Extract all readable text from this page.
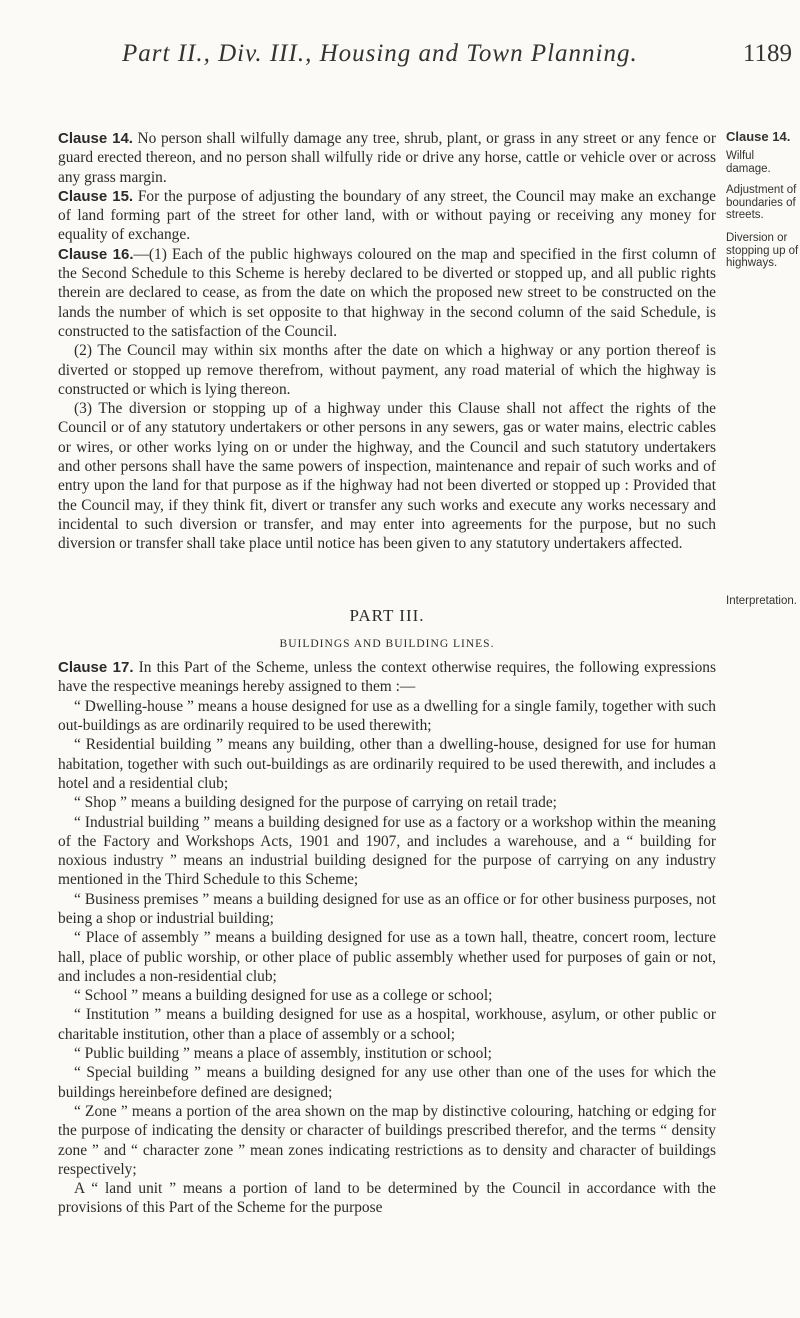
Part II., Div. III., Housing and Town Planning.	1189
Clause 14.
Wilful damage.
Adjustment of boundaries of streets.
Diversion or stopping up of highways.
Interpretation.

Clause 14. No person shall wilfully damage any tree, shrub, plant, or grass in any street or any fence or guard erected thereon, and no person shall wilfully ride or drive any horse, cattle or vehicle over or across any grass margin.

Clause 15. For the purpose of adjusting the boundary of any street, the Council may make an exchange of land forming part of the street for other land, with or without paying or receiving any money for equality of exchange.

Clause 16.—(1) Each of the public highways coloured on the map and specified in the first column of the Second Schedule to this Scheme is hereby declared to be diverted or stopped up, and all public rights therein are declared to cease, as from the date on which the proposed new street to be constructed on the lands the number of which is set opposite to that highway in the second column of the said Schedule, is constructed to the satisfaction of the Council.

(2) The Council may within six months after the date on which a highway or any portion thereof is diverted or stopped up remove therefrom, without payment, any road material of which the highway is constructed or which is lying thereon.

(3) The diversion or stopping up of a highway under this Clause shall not affect the rights of the Council or of any statutory undertakers or other persons in any sewers, gas or water mains, electric cables or wires, or other works lying on or under the highway, and the Council and such statutory undertakers and other persons shall have the same powers of inspection, maintenance and repair of such works and of entry upon the land for that purpose as if the highway had not been diverted or stopped up : Provided that the Council may, if they think fit, divert or transfer any such works and execute any works necessary and incidental to such diversion or transfer, and may enter into agreements for the purpose, but no such diversion or transfer shall take place until notice has been given to any statutory undertakers affected.

PART III.

BUILDINGS AND BUILDING LINES.

Clause 17. In this Part of the Scheme, unless the context otherwise requires, the following expressions have the respective meanings hereby assigned to them :—

“ Dwelling-house ” means a house designed for use as a dwelling for a single family, together with such out-buildings as are ordinarily required to be used therewith;

“ Residential building ” means any building, other than a dwelling-house, designed for use for human habitation, together with such out-buildings as are ordinarily required to be used therewith, and includes a hotel and a residential club;

“ Shop ” means a building designed for the purpose of carrying on retail trade;

“ Industrial building ” means a building designed for use as a factory or a workshop within the meaning of the Factory and Workshops Acts, 1901 and 1907, and includes a warehouse, and a “ building for noxious industry ” means an industrial building designed for the purpose of carrying on any industry mentioned in the Third Schedule to this Scheme;

“ Business premises ” means a building designed for use as an office or for other business purposes, not being a shop or industrial building;

“ Place of assembly ” means a building designed for use as a town hall, theatre, concert room, lecture hall, place of public worship, or other place of public assembly whether used for purposes of gain or not, and includes a non-residential club;

“ School ” means a building designed for use as a college or school;

“ Institution ” means a building designed for use as a hospital, workhouse, asylum, or other public or charitable institution, other than a place of assembly or a school;

“ Public building ” means a place of assembly, institution or school;

“ Special building ” means a building designed for any use other than one of the uses for which the buildings hereinbefore defined are designed;

“ Zone ” means a portion of the area shown on the map by distinctive colouring, hatching or edging for the purpose of indicating the density or character of buildings prescribed therefor, and the terms “ density zone ” and “ character zone ” mean zones indicating restrictions as to density and character of buildings respectively;

A “ land unit ” means a portion of land to be determined by the Council in accordance with the provisions of this Part of the Scheme for the purpose
